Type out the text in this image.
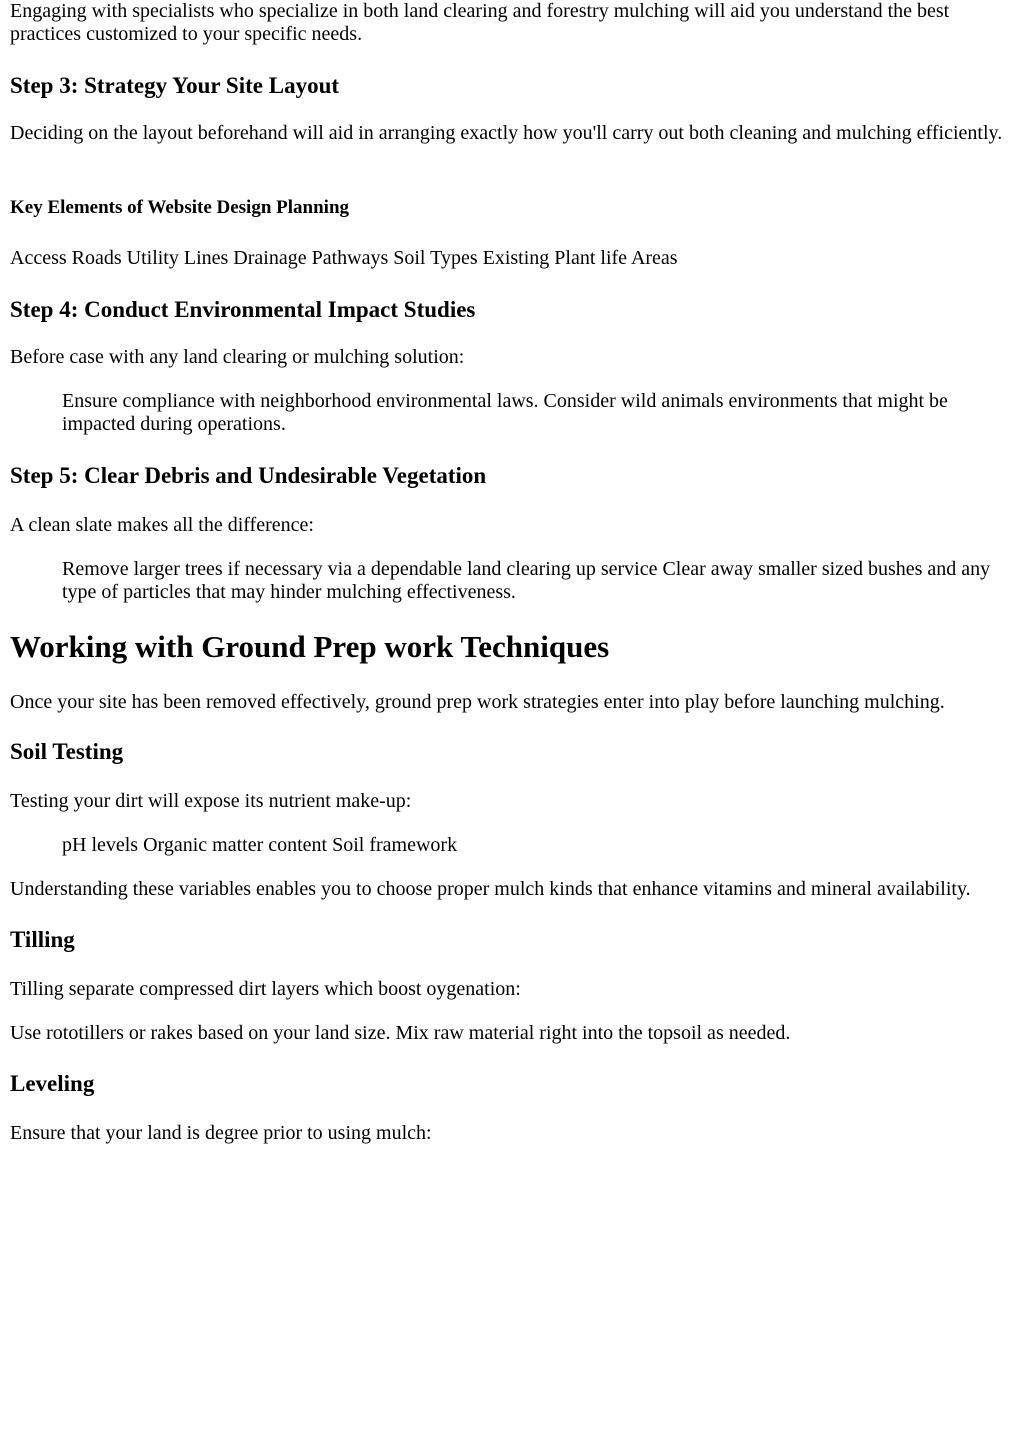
Engaging with specialists who specialize in both land clearing and forestry mulching will aid you understand the best practices customized to your specific needs.

Step 3: Strategy Your Site Layout

Deciding on the layout beforehand will aid in arranging exactly how you'll carry out both cleaning and mulching efficiently.

Key Elements of Website Design Planning

Access Roads Utility Lines Drainage Pathways Soil Types Existing Plant life Areas

Step 4: Conduct Environmental Impact Studies

Before case with any land clearing or mulching solution:

Ensure compliance with neighborhood environmental laws. Consider wild animals environments that might be impacted during operations.

Step 5: Clear Debris and Undesirable Vegetation

A clean slate makes all the difference:

Remove larger trees if necessary via a dependable land clearing up service Clear away smaller sized bushes and any type of particles that may hinder mulching effectiveness.

Working with Ground Prep work Techniques

Once your site has been removed effectively, ground prep work strategies enter into play before launching mulching.

Soil Testing

Testing your dirt will expose its nutrient make-up:

pH levels Organic matter content Soil framework

Understanding these variables enables you to choose proper mulch kinds that enhance vitamins and mineral availability.

Tilling

Tilling separate compressed dirt layers which boost oygenation:

Use rototillers or rakes based on your land size. Mix raw material right into the topsoil as needed.

Leveling

Ensure that your land is degree prior to using mulch:
